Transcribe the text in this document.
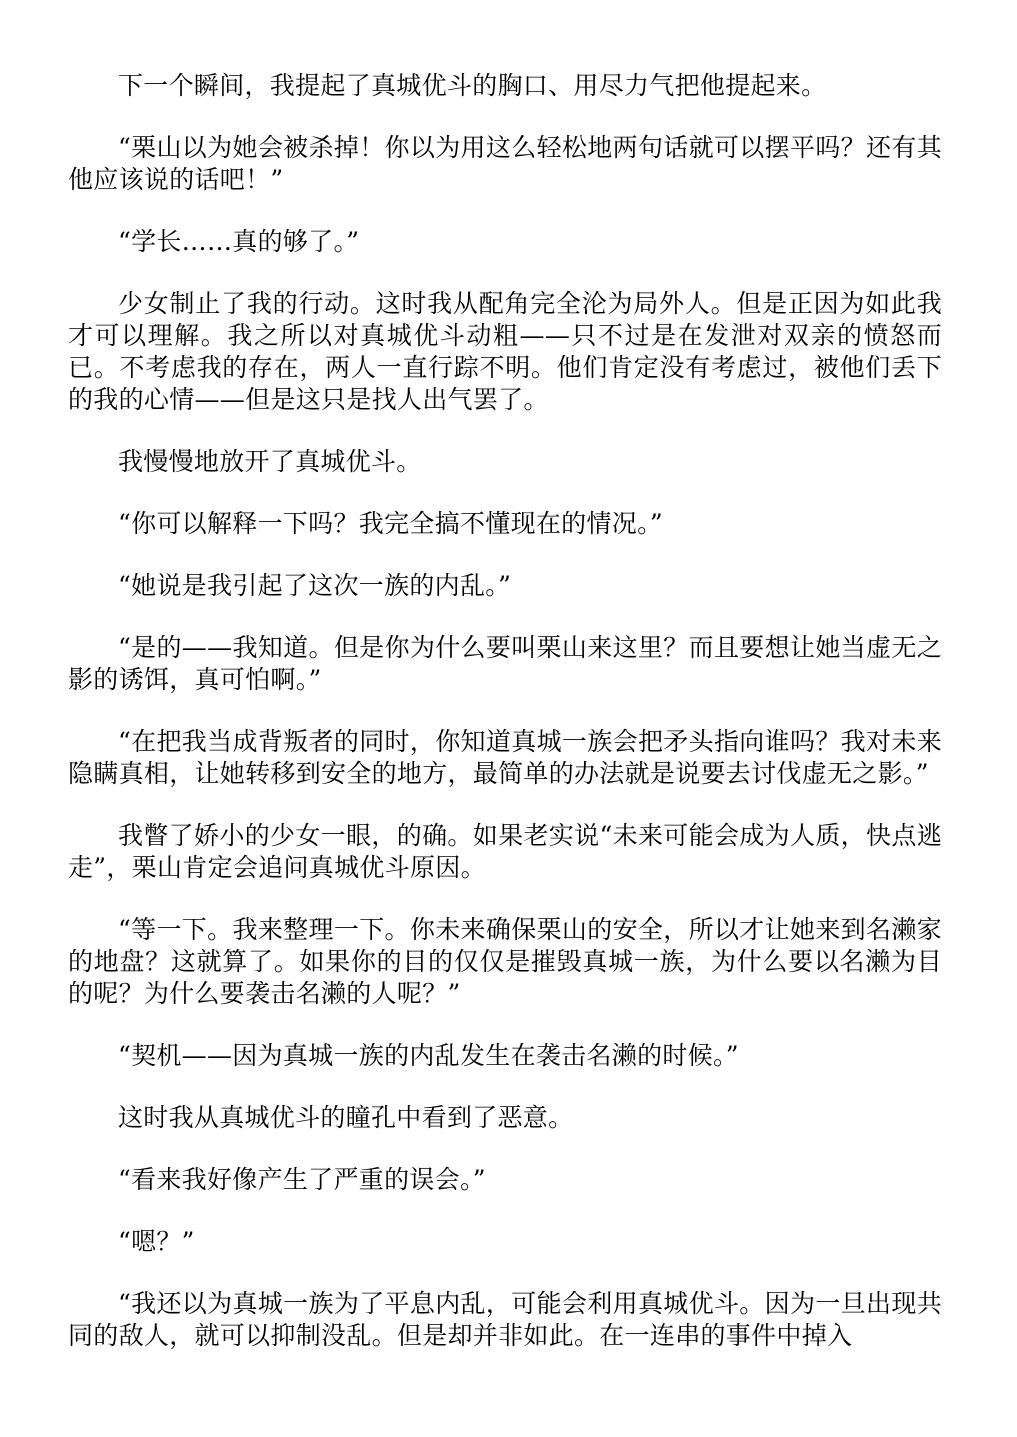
下一个瞬间，我提起了真城优斗的胸口、用尽力气把他提起来。

“栗山以为她会被杀掉！你以为用这么轻松地两句话就可以摆平吗？还有其他应该说的话吧！”

“学长……真的够了。”

少女制止了我的行动。这时我从配角完全沦为局外人。但是正因为如此我才可以理解。我之所以对真城优斗动粗——只不过是在发泄对双亲的愤怒而已。不考虑我的存在，两人一直行踪不明。他们肯定没有考虑过，被他们丢下的我的心情——但是这只是找人出气罢了。

我慢慢地放开了真城优斗。

“你可以解释一下吗？我完全搞不懂现在的情况。”

“她说是我引起了这次一族的内乱。”

“是的——我知道。但是你为什么要叫栗山来这里？而且要想让她当虚无之影的诱饵，真可怕啊。”

“在把我当成背叛者的同时，你知道真城一族会把矛头指向谁吗？我对未来隐瞒真相，让她转移到安全的地方，最简单的办法就是说要去讨伐虚无之影。”

我瞥了娇小的少女一眼，的确。如果老实说“未来可能会成为人质，快点逃走”，栗山肯定会追问真城优斗原因。

“等一下。我来整理一下。你未来确保栗山的安全，所以才让她来到名濑家的地盘？这就算了。如果你的目的仅仅是摧毁真城一族，为什么要以名濑为目的呢？为什么要袭击名濑的人呢？”

“契机——因为真城一族的内乱发生在袭击名濑的时候。”

这时我从真城优斗的瞳孔中看到了恶意。

“看来我好像产生了严重的误会。”

“嗯？”

“我还以为真城一族为了平息内乱，可能会利用真城优斗。因为一旦出现共同的敌人，就可以抑制没乱。但是却并非如此。在一连串的事件中掉入
